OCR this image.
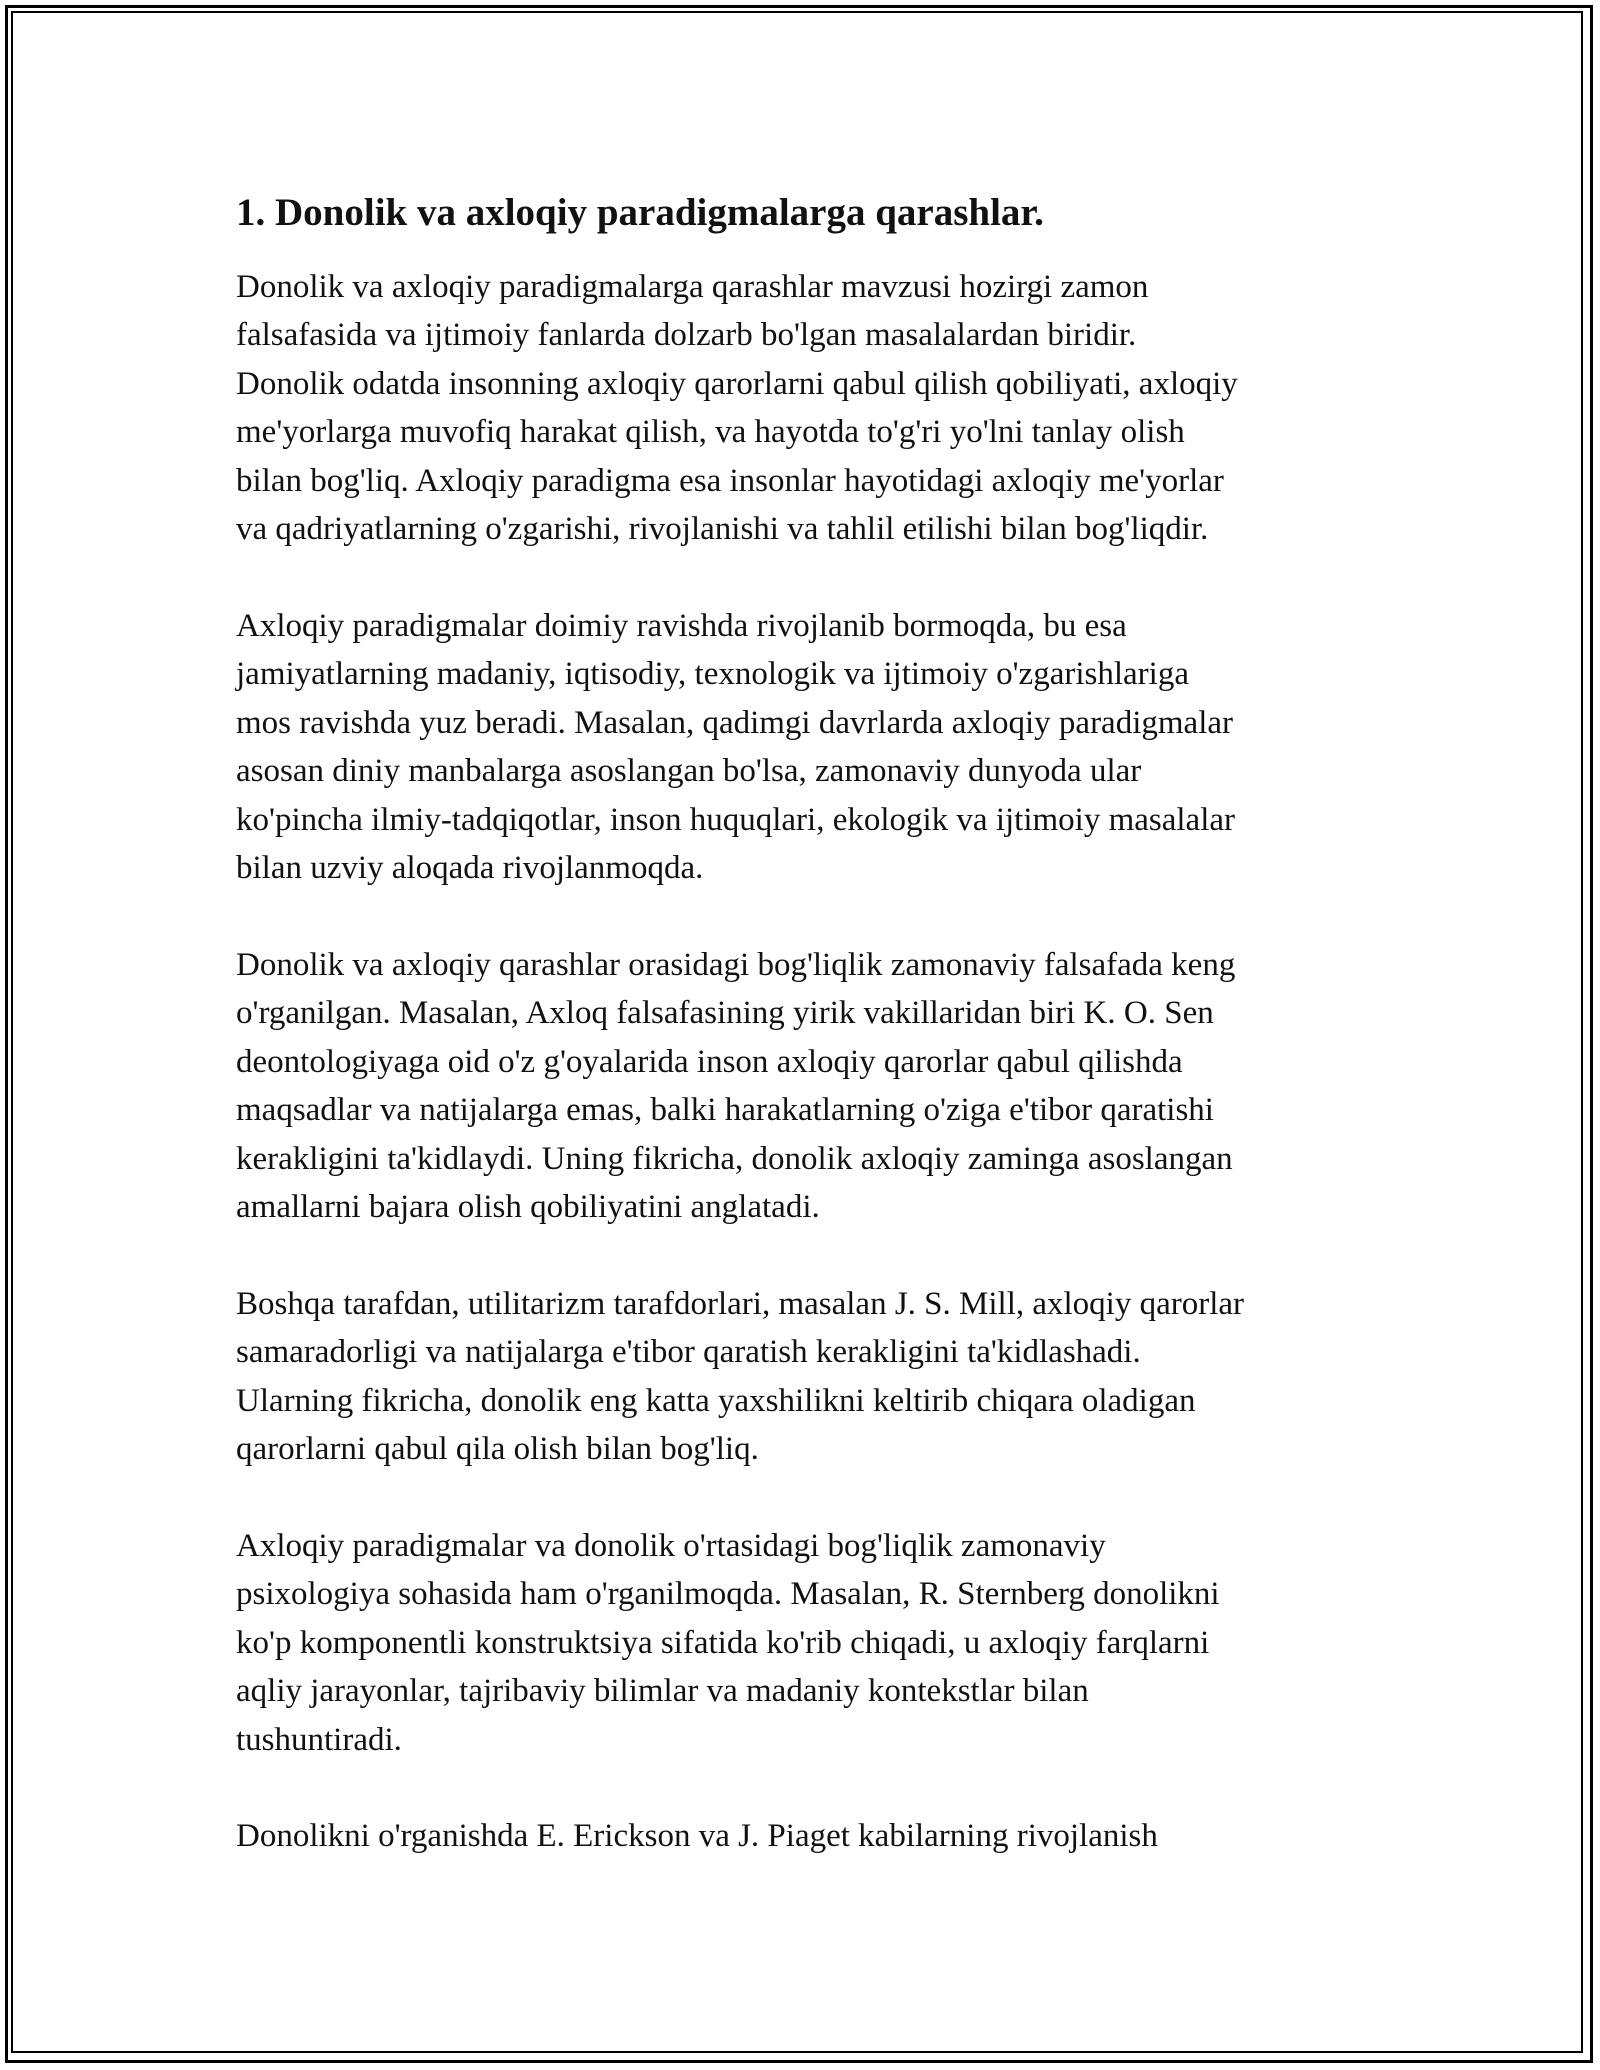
1. Donolik va axloqiy paradigmalarga qarashlar.

Donolik va axloqiy paradigmalarga qarashlar mavzusi hozirgi zamon
falsafasida va ijtimoiy fanlarda dolzarb bo'lgan masalalardan biridir.
Donolik odatda insonning axloqiy qarorlarni qabul qilish qobiliyati, axloqiy
me'yorlarga muvofiq harakat qilish, va hayotda to'g'ri yo'lni tanlay olish
bilan bog'liq. Axloqiy paradigma esa insonlar hayotidagi axloqiy me'yorlar
va qadriyatlarning o'zgarishi, rivojlanishi va tahlil etilishi bilan bog'liqdir.

Axloqiy paradigmalar doimiy ravishda rivojlanib bormoqda, bu esa
jamiyatlarning madaniy, iqtisodiy, texnologik va ijtimoiy o'zgarishlariga
mos ravishda yuz beradi. Masalan, qadimgi davrlarda axloqiy paradigmalar
asosan diniy manbalarga asoslangan bo'lsa, zamonaviy dunyoda ular
ko'pincha ilmiy-tadqiqotlar, inson huquqlari, ekologik va ijtimoiy masalalar
bilan uzviy aloqada rivojlanmoqda.

Donolik va axloqiy qarashlar orasidagi bog'liqlik zamonaviy falsafada keng
o'rganilgan. Masalan, Axloq falsafasining yirik vakillaridan biri K. O. Sen
deontologiyaga oid o'z g'oyalarida inson axloqiy qarorlar qabul qilishda
maqsadlar va natijalarga emas, balki harakatlarning o'ziga e'tibor qaratishi
kerakligini ta'kidlaydi. Uning fikricha, donolik axloqiy zaminga asoslangan
amallarni bajara olish qobiliyatini anglatadi.

Boshqa tarafdan, utilitarizm tarafdorlari, masalan J. S. Mill, axloqiy qarorlar
samaradorligi va natijalarga e'tibor qaratish kerakligini ta'kidlashadi.
Ularning fikricha, donolik eng katta yaxshilikni keltirib chiqara oladigan
qarorlarni qabul qila olish bilan bog'liq.

Axloqiy paradigmalar va donolik o'rtasidagi bog'liqlik zamonaviy
psixologiya sohasida ham o'rganilmoqda. Masalan, R. Sternberg donolikni
ko'p komponentli konstruktsiya sifatida ko'rib chiqadi, u axloqiy farqlarni
aqliy jarayonlar, tajribaviy bilimlar va madaniy kontekstlar bilan
tushuntiradi.

Donolikni o'rganishda E. Erickson va J. Piaget kabilarning rivojlanish
